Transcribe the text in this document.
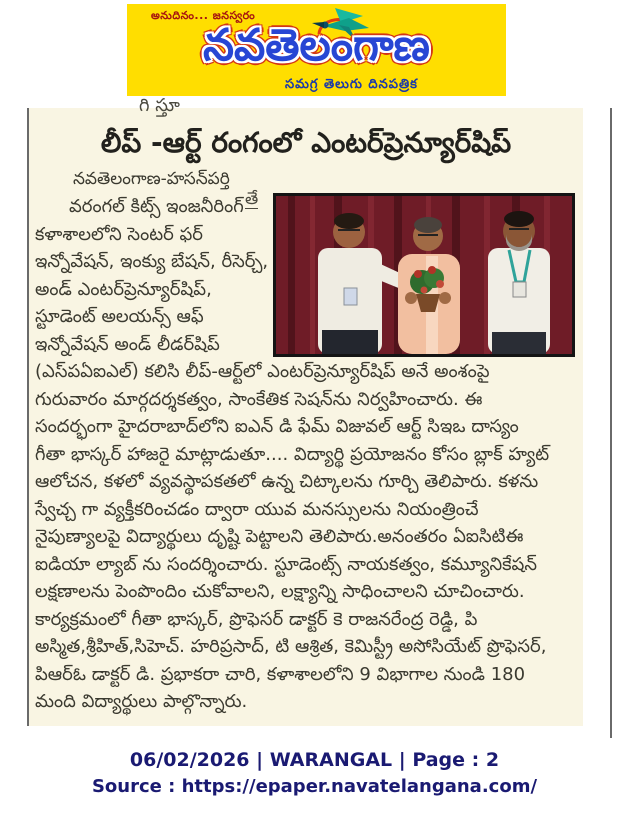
అనుదినం... జనస్వరం
నవతెలంగాణ
సమగ్ర తెలుగు దినపత్రిక
గి స్తూ
తే
లీప్ -ఆర్ట్ రంగంలో ఎంటర్‌ప్రెన్యూర్‌షిప్
నవతెలంగాణ-హసన్‌పర్తి
వరంగల్ కిట్స్ ఇంజనీరింగ్
కళాశాలలోని సెంటర్ ఫర్
ఇన్నోవేషన్, ఇంక్యు బేషన్, రీసెర్చ్,
అండ్ ఎంటర్‌ప్రెన్యూర్‌షిప్,
స్టూడెంట్ అలయన్స్ ఆఫ్
ఇన్నోవేషన్ అండ్ లీడర్‌షిప్
(ఎస్‌పఏఐఎల్) కలిసి లీప్-ఆర్ట్‌లో ఎంటర్‌ప్రెన్యూర్‌షిప్ అనే అంశంపై
గురువారం మార్గదర్శకత్వం, సాంకేతిక సెషన్‌ను నిర్వహించారు. ఈ
సందర్భంగా హైదరాబాద్‌లోని ఐఎన్ డి ఫేమ్ విజువల్ ఆర్ట్ సిఇఒ దాస్యం
గీతా భాస్కర్ హాజరై మాట్లాడుతూ.... విద్యార్థి ప్రయోజనం కోసం బ్లాక్ హ్యట్
ఆలోచన, కళలో వ్యవస్థాపకతలో ఉన్న చిట్కాలను గూర్చి తెలిపారు. కళను
స్వేచ్చ గా వ్యక్తీకరించడం ద్వారా యువ మనస్సులను నియంత్రించే
నైపుణ్యాలపై విద్యార్థులు దృష్టి పెట్టాలని తెలిపారు.అనంతరం ఏఐసిటిఈ
ఐడియా ల్యాబ్ ను సందర్శించారు. స్టూడెంట్స్ నాయకత్వం, కమ్యూనికేషన్
లక్షణాలను పెంపొందిం చుకోవాలని, లక్ష్యాన్ని సాధించాలని చూచించారు.
కార్యక్రమంలో గీతా భాస్కర్, ప్రొఫెసర్ డాక్టర్ కె రాజనరేంద్ర రెడ్డి, పి
అస్మిత,శ్రీహిత్,సిహెచ్. హరిప్రసాద్, టి ఆశ్రిత, కెమిస్ట్రీ అసోసియేట్ ప్రొఫెసర్,
పిఆర్ఓ డాక్టర్ డి. ప్రభాకరా చారి, కళాశాలలోని 9 విభాగాల నుండి 180
మంది విద్యార్థులు పాల్గొన్నారు.
06/02/2026 | WARANGAL | Page : 2
Source : https://epaper.navatelangana.com/
